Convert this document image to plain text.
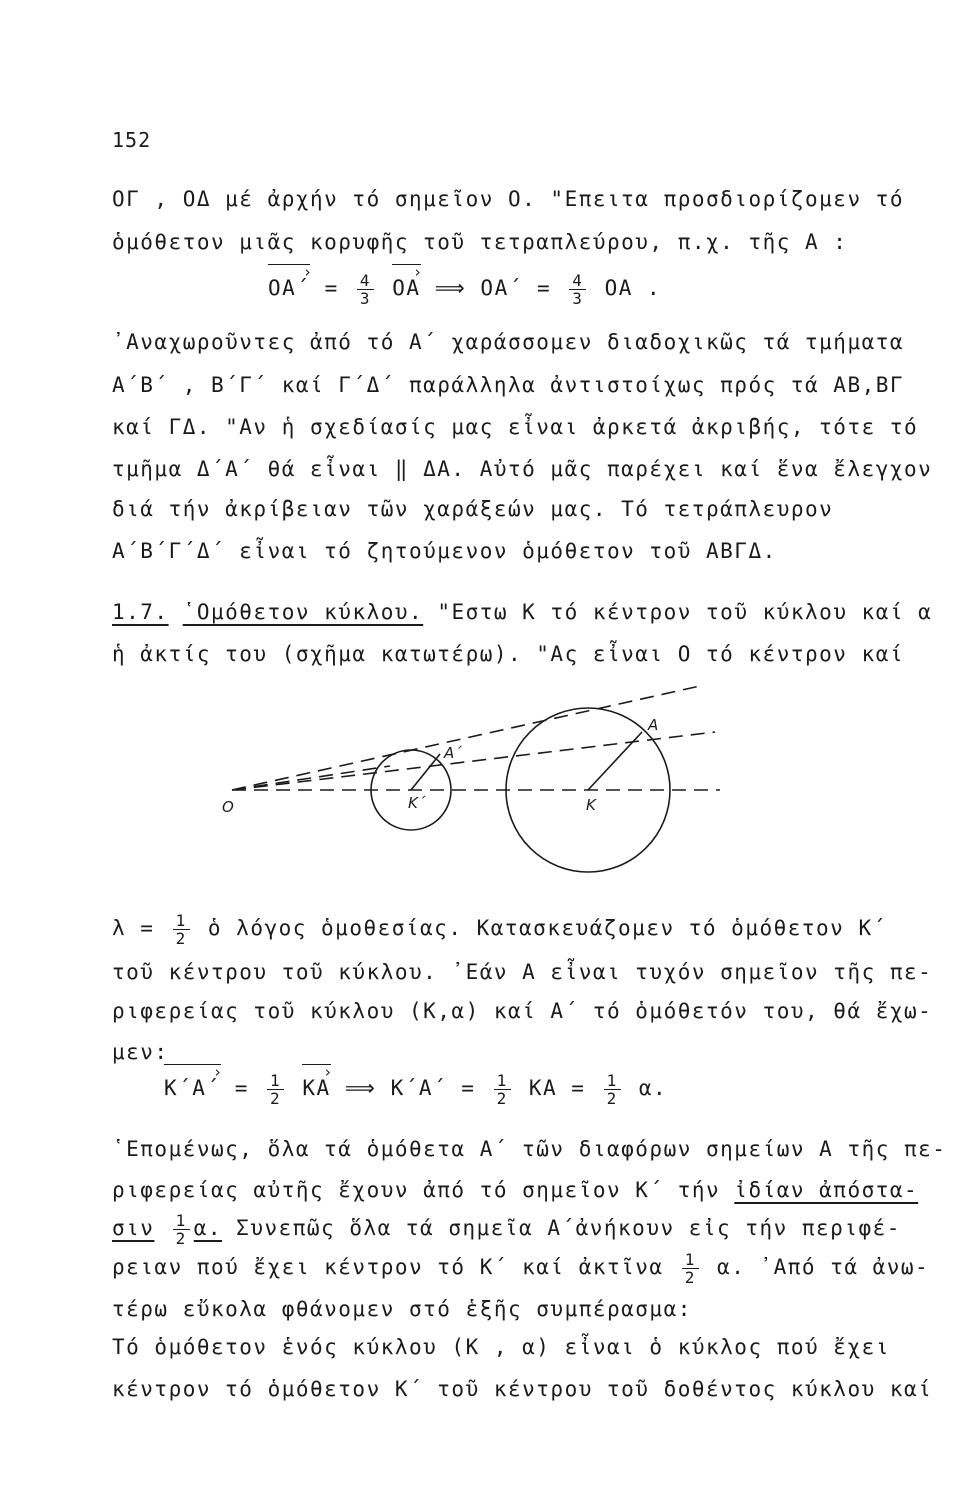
152
ΟΓ , ΟΔ μέ ἀρχήν τό σημεῖον Ο. "Επειτα προσδιορίζομεν τό
ὁμόθετον μιᾶς κορυφῆς τοῦ τετραπλεύρου, π.χ. τῆς Α :
ΟΑ΄ › = $\frac{4}{3}$ ΟΑ › ⟹ $OA΄ = \frac{4}{3}$ ΟΑ .
᾿Αναχωροῦντες ἀπό τό Α΄ χαράσσομεν διαδοχικῶς τά τμήματα
Α΄Β΄ , Β΄Γ΄ καί Γ΄Δ΄ παράλληλα ἀντιστοίχως πρός τά ΑΒ,ΒΓ
καί ΓΔ. "Αν ἡ σχεδίασίς μας εἶναι ἀρκετά ἀκριβής, τότε τό
τμῆμα Δ΄Α΄ θά εἶναι ‖ ΔΑ. Αὐτό μᾶς παρέχει καί ἕνα ἔλεγχον
διά τήν ἀκρίβειαν τῶν χαράξεών μας. Τό τετράπλευρον
Α΄Β΄Γ΄Δ΄ εἶναι τό ζητούμενον ὁμόθετον τοῦ ΑΒΓΔ.
1.7. ῾Ομόθετον κύκλου. "Εστω Κ τό κέντρον τοῦ κύκλου καί α
ἡ ἀκτίς του (σχῆμα κατωτέρω). "Ας εἶναι Ο τό κέντρον καί
O
Α΄
Α
Κ΄	Κ
$\lambda = \frac{1}{2}$ ὁ λόγος ὁμοθεσίας. Κατασκευάζομεν τό ὁμόθετον Κ΄
τοῦ κέντρου τοῦ κύκλου. ᾿Εάν Α εἶναι τυχόν σημεῖον τῆς πε-
ριφερείας τοῦ κύκλου (Κ,α) καί Α΄ τό ὁμόθετόν του, θά ἔχω-
μεν:
Κ΄Α΄ › = $\frac{1}{2}$ ΚΑ › ⟹ $K΄A΄ = \frac{1}{2}$ $KA = \frac{1}{2} \alpha$.
῾Επομένως, ὅλα τά ὁμόθετα Α΄ τῶν διαφόρων σημείων Α τῆς πε-
ριφερείας αὐτῆς ἔχουν ἀπό τό σημεῖον Κ΄ τήν ἰδίαν ἀπόστα-
σιν $\frac{1}{2} \alpha$. Συνεπῶς ὅλα τά σημεῖα Α΄ἀνήκουν εἰς τήν περιφέ-
ρειαν πού ἔχει κέντρον τό Κ΄ καί ἀκτῖνα $\frac{1}{2} \alpha$. ᾿Από τά ἀνω-
τέρω εὔκολα φθάνομεν στό ἑξῆς συμπέρασμα:
Τό ὁμόθετον ἑνός κύκλου (Κ , α) εἶναι ὁ κύκλος πού ἔχει
κέντρον τό ὁμόθετον Κ΄ τοῦ κέντρου τοῦ δοθέντος κύκλου καί
